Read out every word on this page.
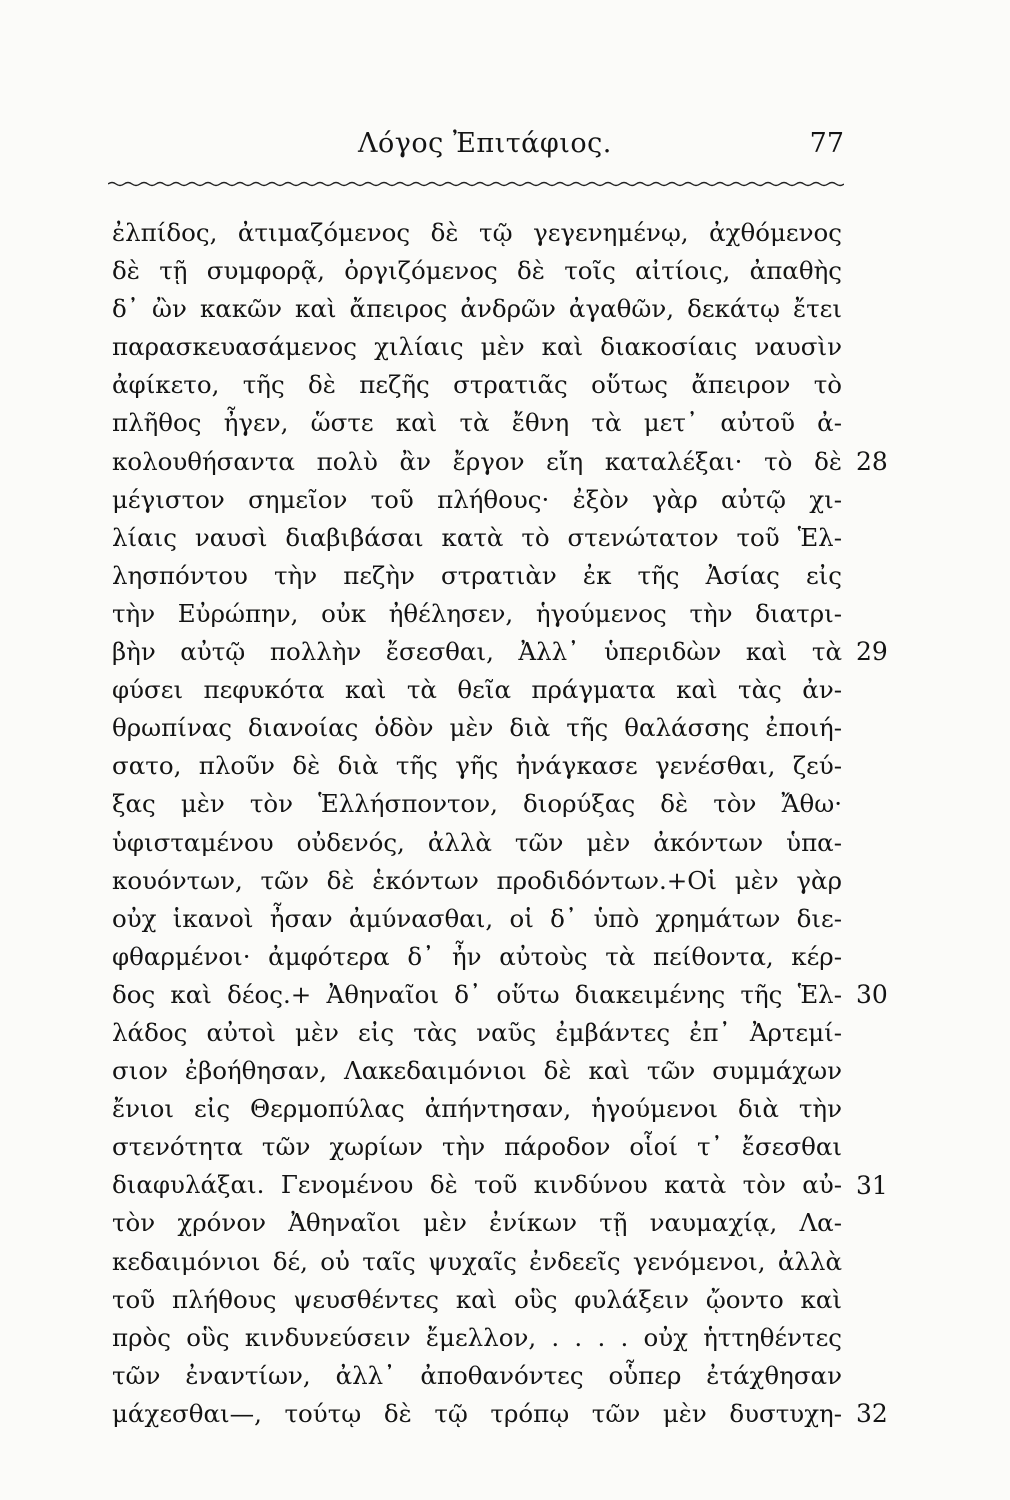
Λόγος Ἐπιτάφιος.	77
ἐλπίδος, ἀτιμαζόμενος δὲ τῷ γεγενημένῳ, ἀχθόμενος
δὲ τῇ συμφορᾷ, ὀργιζόμενος δὲ τοῖς αἰτίοις, ἀπαθὴς
δ᾿ ὢν κακῶν καὶ ἄπειρος ἀνδρῶν ἀγαθῶν, δεκάτῳ ἔτει
παρασκευασάμενος χιλίαις μὲν καὶ διακοσίαις ναυσὶν
ἀφίκετο, τῆς δὲ πεζῆς στρατιᾶς οὕτως ἄπειρον τὸ
πλῆθος ἦγεν, ὥστε καὶ τὰ ἔθνη τὰ μετ᾿ αὐτοῦ ἀ-
κολουθήσαντα πολὺ ἂν ἔργον εἴη καταλέξαι· τὸ δὲ
μέγιστον σημεῖον τοῦ πλήθους· ἐξὸν γὰρ αὐτῷ χι-
λίαις ναυσὶ διαβιβάσαι κατὰ τὸ στενώτατον τοῦ Ἑλ-
λησπόντου τὴν πεζὴν στρατιὰν ἐκ τῆς Ἀσίας εἰς
τὴν Εὐρώπην, οὐκ ἠθέλησεν, ἡγούμενος τὴν διατρι-
βὴν αὐτῷ πολλὴν ἔσεσθαι, Ἀλλ᾿ ὑπεριδὼν καὶ τὰ
φύσει πεφυκότα καὶ τὰ θεῖα πράγματα καὶ τὰς ἀν-
θρωπίνας διανοίας ὁδὸν μὲν διὰ τῆς θαλάσσης ἐποιή-
σατο, πλοῦν δὲ διὰ τῆς γῆς ἠνάγκασε γενέσθαι, ζεύ-
ξας μὲν τὸν Ἑλλήσποντον, διορύξας δὲ τὸν Ἄθω·
ὑφισταμένου οὐδενός, ἀλλὰ τῶν μὲν ἀκόντων ὑπα-
κουόντων, τῶν δὲ ἑκόντων προδιδόντων.+Οἱ μὲν γὰρ
οὐχ ἱκανοὶ ἦσαν ἀμύνασθαι, οἱ δ᾿ ὑπὸ χρημάτων διε-
φθαρμένοι· ἀμφότερα δ᾿ ἦν αὐτοὺς τὰ πείθοντα, κέρ-
δος καὶ δέος.+ Ἀθηναῖοι δ᾿ οὕτω διακειμένης τῆς Ἑλ-
λάδος αὐτοὶ μὲν εἰς τὰς ναῦς ἐμβάντες ἐπ᾿ Ἀρτεμί-
σιον ἐβοήθησαν, Λακεδαιμόνιοι δὲ καὶ τῶν συμμάχων
ἔνιοι εἰς Θερμοπύλας ἀπήντησαν, ἡγούμενοι διὰ τὴν
στενότητα τῶν χωρίων τὴν πάροδον οἷοί τ᾿ ἔσεσθαι
διαφυλάξαι. Γενομένου δὲ τοῦ κινδύνου κατὰ τὸν αὐ-
τὸν χρόνον Ἀθηναῖοι μὲν ἐνίκων τῇ ναυμαχίᾳ, Λα-
κεδαιμόνιοι δέ, οὐ ταῖς ψυχαῖς ἐνδεεῖς γενόμενοι, ἀλλὰ
τοῦ πλήθους ψευσθέντες καὶ οὓς φυλάξειν ᾤοντο καὶ
πρὸς οὓς κινδυνεύσειν ἔμελλον, . . . . οὐχ ἡττηθέντες
τῶν ἐναντίων, ἀλλ᾿ ἀποθανόντες οὗπερ ἐτάχθησαν
μάχεσθαι—, τούτῳ δὲ τῷ τρόπῳ τῶν μὲν δυστυχη-
28
29
30
31
32
